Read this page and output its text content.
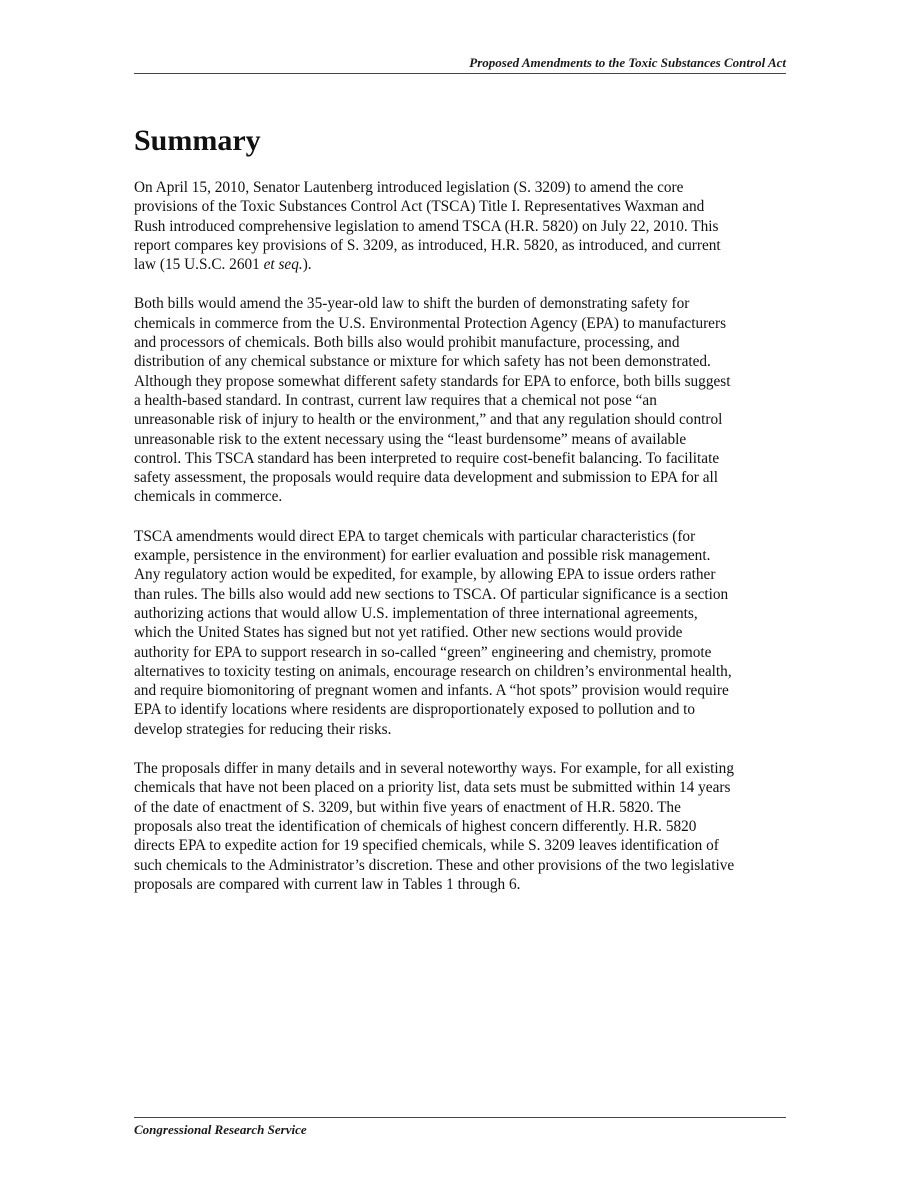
Proposed Amendments to the Toxic Substances Control Act
Summary

On April 15, 2010, Senator Lautenberg introduced legislation (S. 3209) to amend the core
provisions of the Toxic Substances Control Act (TSCA) Title I. Representatives Waxman and
Rush introduced comprehensive legislation to amend TSCA (H.R. 5820) on July 22, 2010. This
report compares key provisions of S. 3209, as introduced, H.R. 5820, as introduced, and current
law (15 U.S.C. 2601 et seq.).

Both bills would amend the 35-year-old law to shift the burden of demonstrating safety for
chemicals in commerce from the U.S. Environmental Protection Agency (EPA) to manufacturers
and processors of chemicals. Both bills also would prohibit manufacture, processing, and
distribution of any chemical substance or mixture for which safety has not been demonstrated.
Although they propose somewhat different safety standards for EPA to enforce, both bills suggest
a health-based standard. In contrast, current law requires that a chemical not pose “an
unreasonable risk of injury to health or the environment,” and that any regulation should control
unreasonable risk to the extent necessary using the “least burdensome” means of available
control. This TSCA standard has been interpreted to require cost-benefit balancing. To facilitate
safety assessment, the proposals would require data development and submission to EPA for all
chemicals in commerce.

TSCA amendments would direct EPA to target chemicals with particular characteristics (for
example, persistence in the environment) for earlier evaluation and possible risk management.
Any regulatory action would be expedited, for example, by allowing EPA to issue orders rather
than rules. The bills also would add new sections to TSCA. Of particular significance is a section
authorizing actions that would allow U.S. implementation of three international agreements,
which the United States has signed but not yet ratified. Other new sections would provide
authority for EPA to support research in so-called “green” engineering and chemistry, promote
alternatives to toxicity testing on animals, encourage research on children’s environmental health,
and require biomonitoring of pregnant women and infants. A “hot spots” provision would require
EPA to identify locations where residents are disproportionately exposed to pollution and to
develop strategies for reducing their risks.

The proposals differ in many details and in several noteworthy ways. For example, for all existing
chemicals that have not been placed on a priority list, data sets must be submitted within 14 years
of the date of enactment of S. 3209, but within five years of enactment of H.R. 5820. The
proposals also treat the identification of chemicals of highest concern differently. H.R. 5820
directs EPA to expedite action for 19 specified chemicals, while S. 3209 leaves identification of
such chemicals to the Administrator’s discretion. These and other provisions of the two legislative
proposals are compared with current law in Tables 1 through 6.

Congressional Research Service
